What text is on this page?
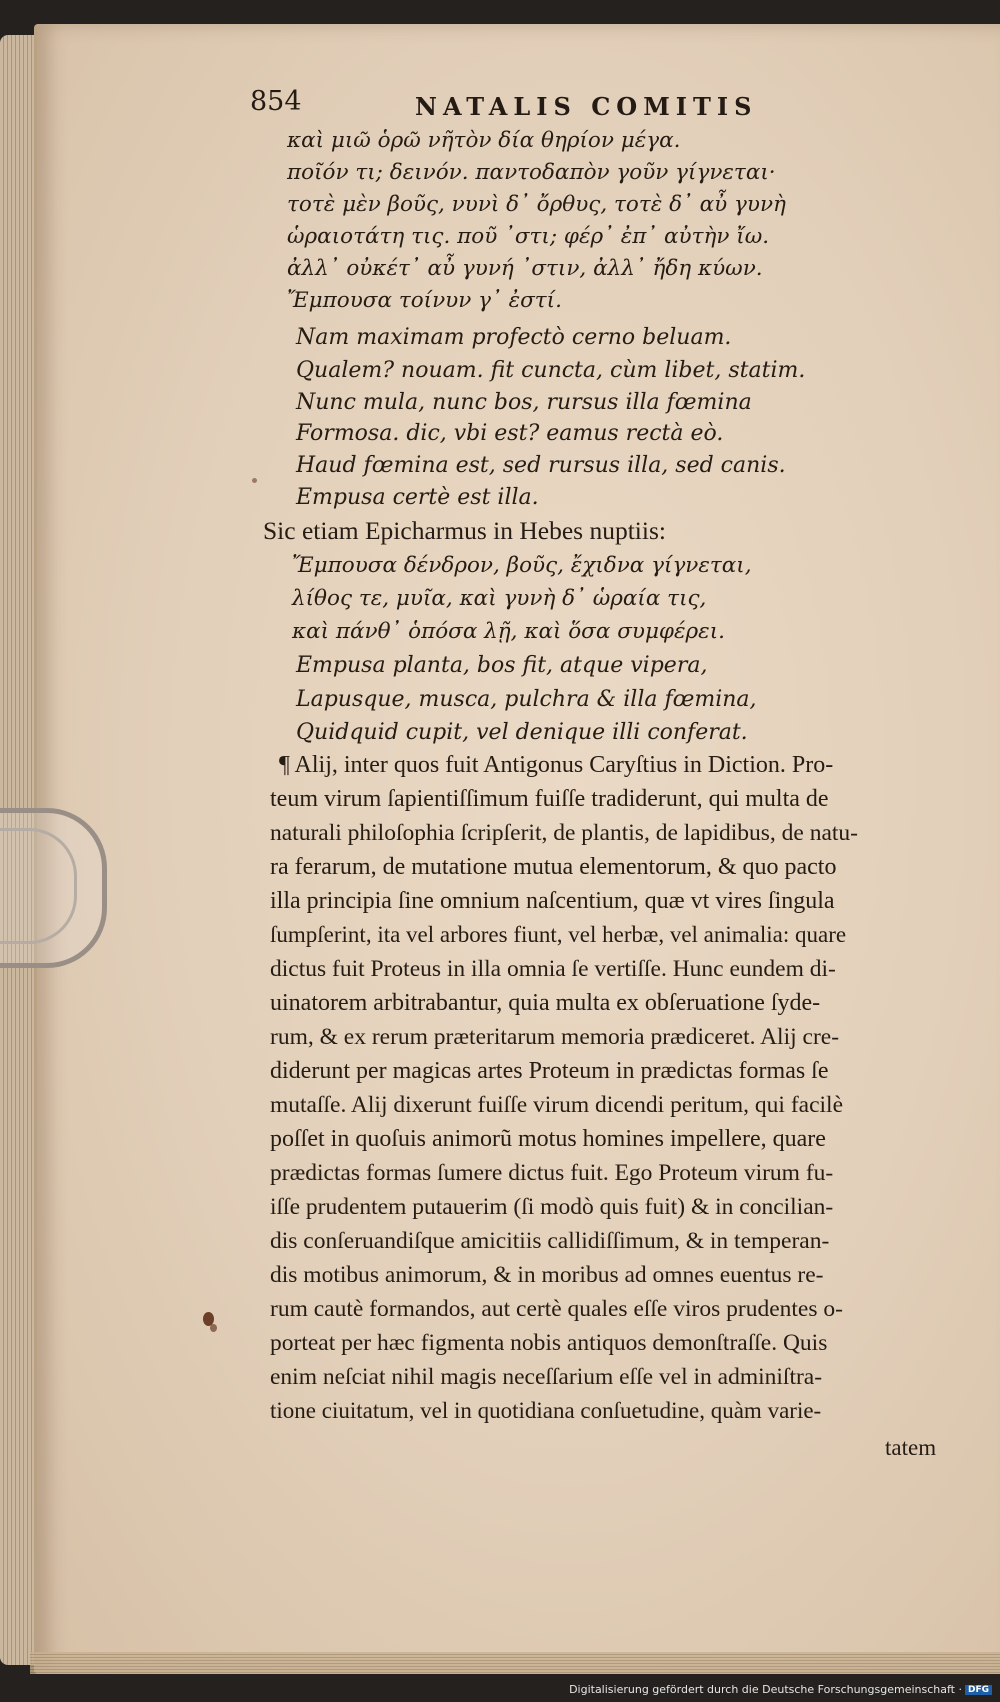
854	NATALIS COMITIS
καὶ μιῶ ὁρῶ νῆτὸν δία θηρίον μέγα.
ποῖόν τι; δεινόν. παντοδαπὸν γοῦν γίγνεται·
τοτὲ μὲν βοῦς, νυνὶ δ᾽ ὄρθυς, τοτὲ δ᾽ αὖ γυνὴ
ὡραιοτάτη τις. ποῦ ᾽στι; φέρ᾽ ἐπ᾽ αὐτὴν ἴω.
ἀλλ᾽ οὐκέτ᾽ αὖ γυνή ᾽στιν, ἀλλ᾽ ἤδη κύων.
Ἔμπουσα τοίνυν γ᾽ ἐστί.
Nam maximam profectò cerno beluam.
Qualem? nouam. fit cuncta, cùm libet, statim.
Nunc mula, nunc bos, rursus illa fœmina
Formosa. dic, vbi est? eamus rectà eò.
Haud fœmina est, sed rursus illa, sed canis.
Empusa certè est illa.
Sic etiam Epicharmus in Hebes nuptiis:
Ἔμπουσα δένδρον, βοῦς, ἔχιδνα γίγνεται,
λίθος τε, μυῖα, καὶ γυνὴ δ᾽ ὡραία τις,
καὶ πάνθ᾽ ὁπόσα λῇ, καὶ ὅσα συμφέρει.
Empusa planta, bos fit, atque vipera,
Lapusque, musca, pulchra & illa fœmina,
Quidquid cupit, vel denique illi conferat.
¶ Alij, inter quos fuit Antigonus Caryſtius in Diction. Pro-
teum virum ſapientiſſimum fuiſſe tradiderunt, qui multa de
naturali philoſophia ſcripſerit, de plantis, de lapidibus, de natu-
ra ferarum, de mutatione mutua elementorum, & quo pacto
illa principia ſine omnium naſcentium, quæ vt vires ſingula
ſumpſerint, ita vel arbores fiunt, vel herbæ, vel animalia: quare
dictus fuit Proteus in illa omnia ſe vertiſſe. Hunc eundem di-
uinatorem arbitrabantur, quia multa ex obſeruatione ſyde-
rum, & ex rerum præteritarum memoria prædiceret. Alij cre-
diderunt per magicas artes Proteum in prædictas formas ſe
mutaſſe. Alij dixerunt fuiſſe virum dicendi peritum, qui facilè
poſſet in quoſuis animorũ motus homines impellere, quare
prædictas formas ſumere dictus fuit. Ego Proteum virum fu-
iſſe prudentem putauerim (ſi modò quis fuit) & in concilian-
dis conſeruandiſque amicitiis callidiſſimum, & in temperan-
dis motibus animorum, & in moribus ad omnes euentus re-
rum cautè formandos, aut certè quales eſſe viros prudentes o-
porteat per hæc figmenta nobis antiquos demonſtraſſe. Quis
enim neſciat nihil magis neceſſarium eſſe vel in adminiſtra-
tione ciuitatum, vel in quotidiana conſuetudine, quàm varie-
tatem
Digitalisierung gefördert durch die Deutsche Forschungsgemeinschaft · DFG
